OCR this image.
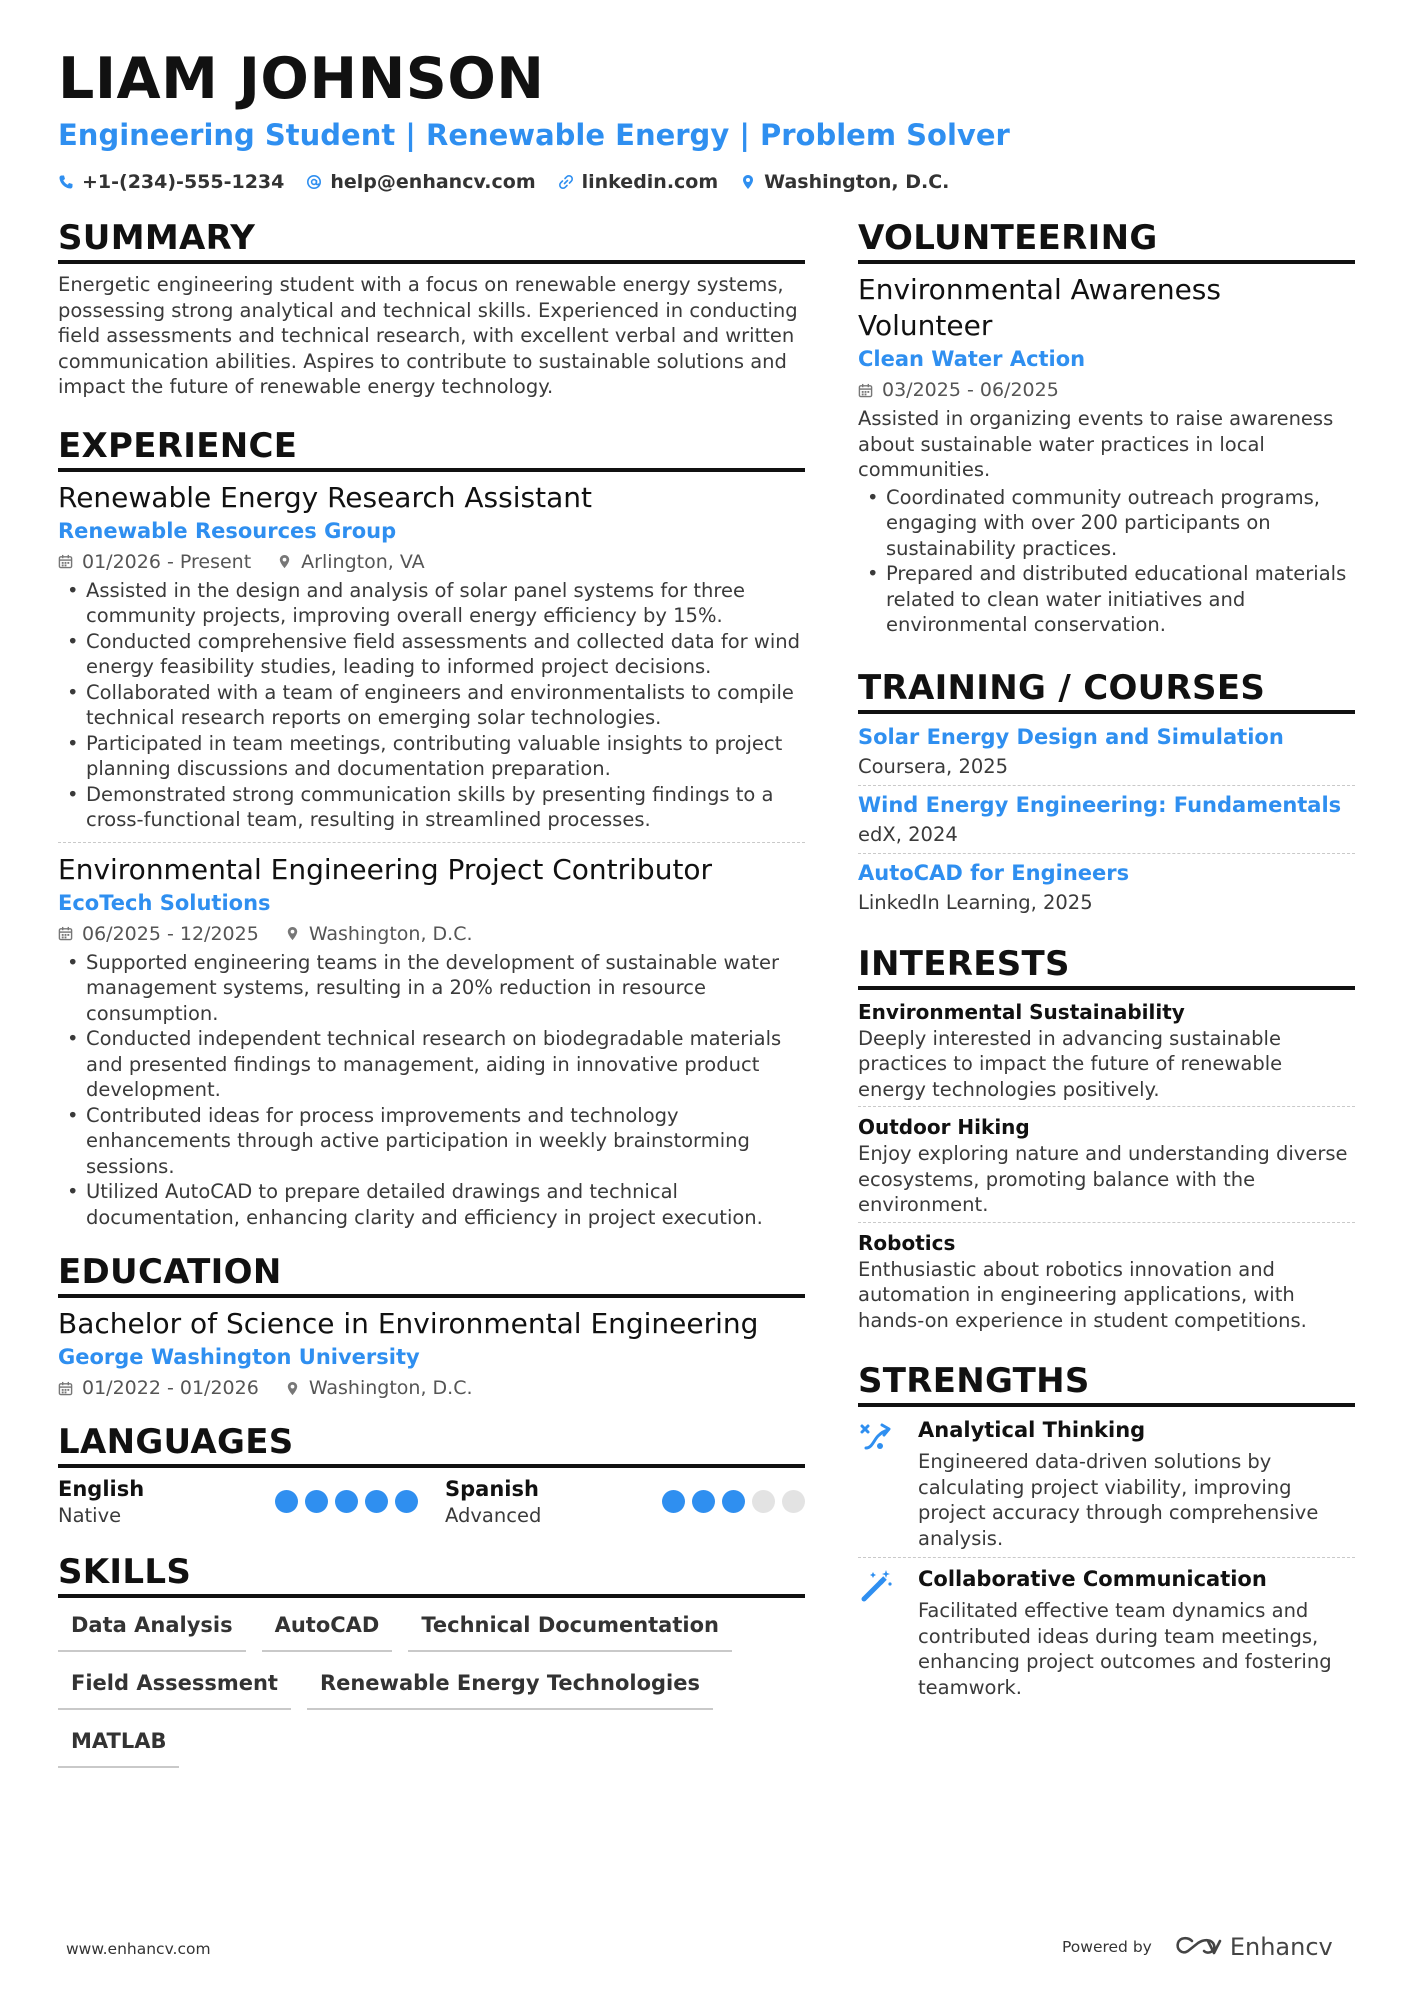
LIAM JOHNSON
Engineering Student | Renewable Energy | Problem Solver
+1-(234)-555-1234 help@enhancv.com linkedin.com Washington, D.C.
SUMMARY
Energetic engineering student with a focus on renewable energy systems, possessing strong analytical and technical skills. Experienced in conducting field assessments and technical research, with excellent verbal and written communication abilities. Aspires to contribute to sustainable solutions and impact the future of renewable energy technology.
EXPERIENCE
Renewable Energy Research Assistant
Renewable Resources Group
01/2026 - Present	Arlington, VA
• Assisted in the design and analysis of solar panel systems for three community projects, improving overall energy efficiency by 15%.
• Conducted comprehensive field assessments and collected data for wind energy feasibility studies, leading to informed project decisions.
• Collaborated with a team of engineers and environmentalists to compile technical research reports on emerging solar technologies.
• Participated in team meetings, contributing valuable insights to project planning discussions and documentation preparation.
• Demonstrated strong communication skills by presenting findings to a cross-functional team, resulting in streamlined processes.
Environmental Engineering Project Contributor
EcoTech Solutions
06/2025 - 12/2025	Washington, D.C.
• Supported engineering teams in the development of sustainable water management systems, resulting in a 20% reduction in resource consumption.
• Conducted independent technical research on biodegradable materials and presented findings to management, aiding in innovative product development.
• Contributed ideas for process improvements and technology enhancements through active participation in weekly brainstorming sessions.
• Utilized AutoCAD to prepare detailed drawings and technical documentation, enhancing clarity and efficiency in project execution.
EDUCATION
Bachelor of Science in Environmental Engineering
George Washington University
01/2022 - 01/2026	Washington, D.C.
LANGUAGES
English
Native
Spanish
Advanced
SKILLS
Data Analysis	AutoCAD	Technical Documentation
Field Assessment	Renewable Energy Technologies
MATLAB
VOLUNTEERING
Environmental Awareness Volunteer
Clean Water Action
03/2025 - 06/2025
Assisted in organizing events to raise awareness about sustainable water practices in local communities.
• Coordinated community outreach programs, engaging with over 200 participants on sustainability practices.
• Prepared and distributed educational materials related to clean water initiatives and environmental conservation.
TRAINING / COURSES
Solar Energy Design and Simulation
Coursera, 2025
Wind Energy Engineering: Fundamentals
edX, 2024
AutoCAD for Engineers
LinkedIn Learning, 2025
INTERESTS
Environmental Sustainability
Deeply interested in advancing sustainable practices to impact the future of renewable energy technologies positively.
Outdoor Hiking
Enjoy exploring nature and understanding diverse ecosystems, promoting balance with the environment.
Robotics
Enthusiastic about robotics innovation and automation in engineering applications, with hands-on experience in student competitions.
STRENGTHS
Analytical Thinking
Engineered data-driven solutions by calculating project viability, improving project accuracy through comprehensive analysis.
Collaborative Communication
Facilitated effective team dynamics and contributed ideas during team meetings, enhancing project outcomes and fostering teamwork.
www.enhancv.com	Powered by	Enhancv
